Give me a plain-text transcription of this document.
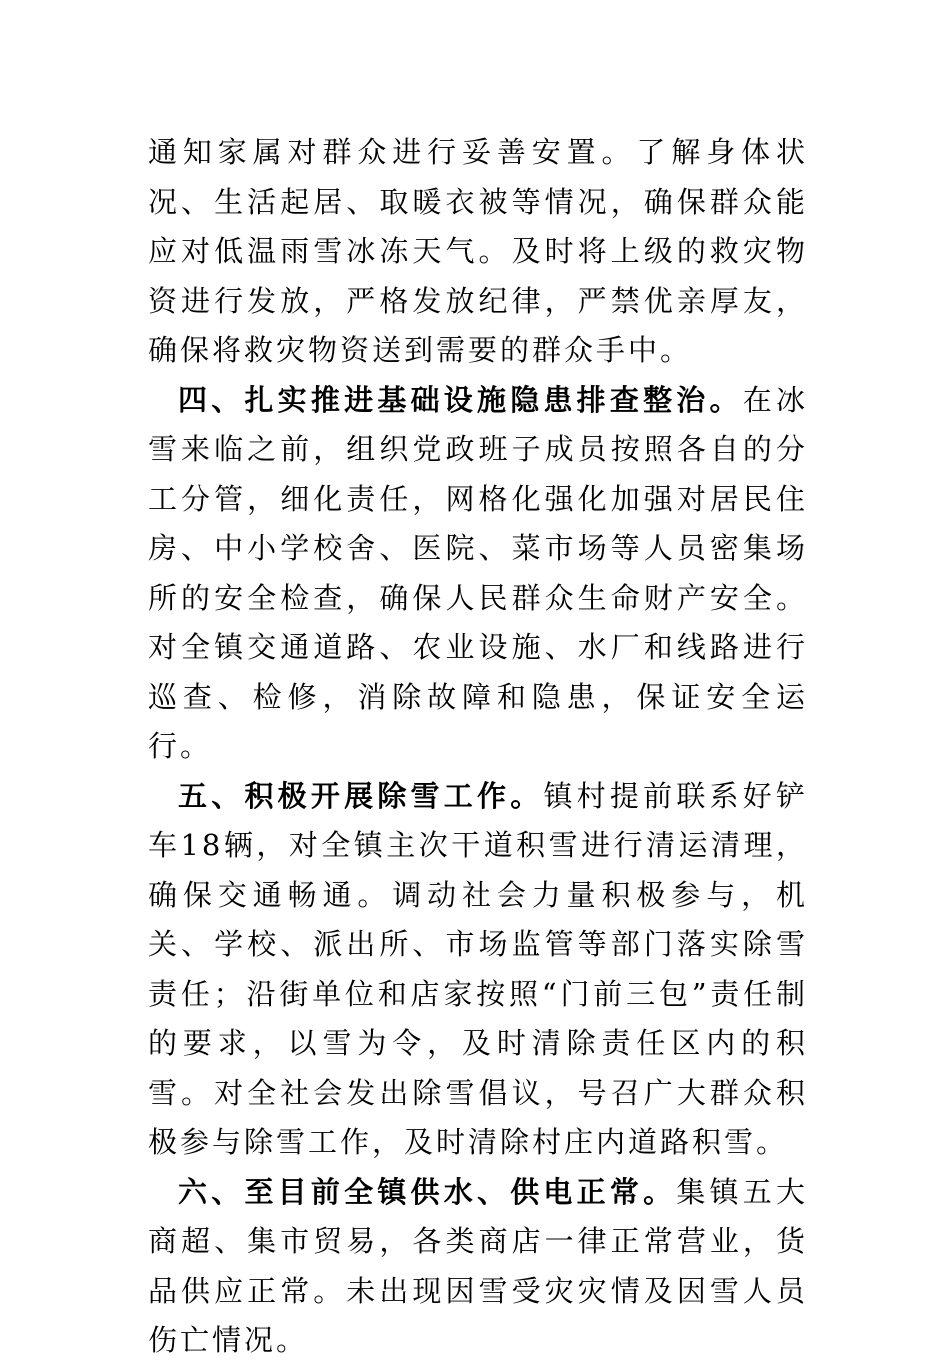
通知家属对群众进行妥善安置。了解身体状况、生活起居、取暖衣被等情况，确保群众能应对低温雨雪冰冻天气。及时将上级的救灾物资进行发放，严格发放纪律，严禁优亲厚友，确保将救灾物资送到需要的群众手中。

四、扎实推进基础设施隐患排查整治。在冰雪来临之前，组织党政班子成员按照各自的分工分管，细化责任，网格化强化加强对居民住房、中小学校舍、医院、菜市场等人员密集场所的安全检查，确保人民群众生命财产安全。对全镇交通道路、农业设施、水厂和线路进行巡查、检修，消除故障和隐患，保证安全运行。

五、积极开展除雪工作。镇村提前联系好铲车18辆，对全镇主次干道积雪进行清运清理，确保交通畅通。调动社会力量积极参与，机关、学校、派出所、市场监管等部门落实除雪责任；沿街单位和店家按照“门前三包”责任制的要求，以雪为令，及时清除责任区内的积雪。对全社会发出除雪倡议，号召广大群众积极参与除雪工作，及时清除村庄内道路积雪。

六、至目前全镇供水、供电正常。集镇五大商超、集市贸易，各类商店一律正常营业，货品供应正常。未出现因雪受灾灾情及因雪人员伤亡情况。
